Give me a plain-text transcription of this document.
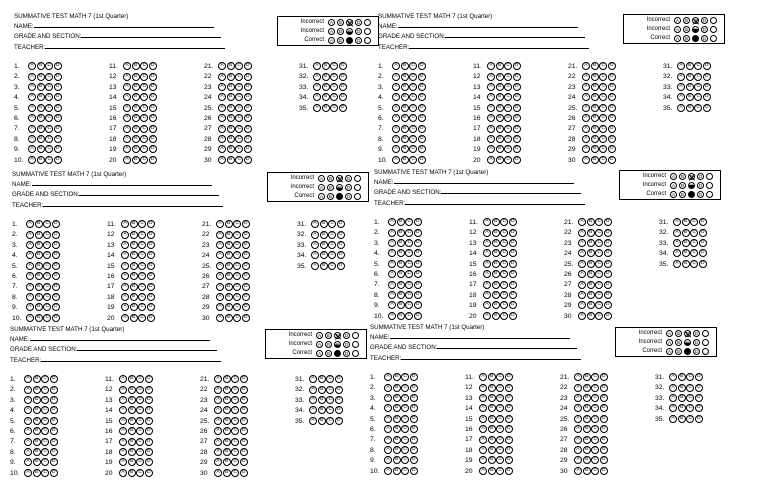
SUMMATIVE TEST MATH 7 (1st Quarter)
NAME:
GRADE AND SECTION:
TEACHER:
Incorrect	A	B	C	D
Incorrect	A	B	C	D
Correct	A	B	C	D
1. A B C D
2. A B C D
3. A B C D
4. A B C D
5. A B C D
6. A B C D
7. A B C D
8. A B C D
9. A B C D
10. A B C D
11. A B C D
12 A B C D
13 A B C D
14 A B C D
15 A B C D
16 A B C D
17 A B C D
18 A B C D
19 A B C D
20 A B C D
21. A B C D
22 A B C D
23 A B C D
24 A B C D
25. A B C D
26 A B C D
27 A B C D
28 A B C D
29 A B C D
30 A B C D
31. A B C D
32. A B C D
33. A B C D
34. A B C D
35. A B C D
SUMMATIVE TEST MATH 7 (1st Quarter)
NAME:
GRADE AND SECTION:
TEACHER:
Incorrect	A	B	C	D
Incorrect	A	B	C	D
Correct	A	B	C	D
1. A B C D
2. A B C D
3. A B C D
4. A B C D
5. A B C D
6. A B C D
7. A B C D
8. A B C D
9. A B C D
10. A B C D
11. A B C D
12 A B C D
13 A B C D
14 A B C D
15 A B C D
16 A B C D
17 A B C D
18 A B C D
19 A B C D
20 A B C D
21. A B C D
22 A B C D
23 A B C D
24 A B C D
25. A B C D
26 A B C D
27 A B C D
28 A B C D
29 A B C D
30 A B C D
31. A B C D
32. A B C D
33. A B C D
34. A B C D
35. A B C D
SUMMATIVE TEST MATH 7 (1st Quarter)
NAME:
GRADE AND SECTION:
TEACHER:
Incorrect	A	B	C	D
Incorrect	A	B	C	D
Correct	A	B	C	D
1. A B C D
2. A B C D
3. A B C D
4. A B C D
5. A B C D
6. A B C D
7. A B C D
8. A B C D
9. A B C D
10. A B C D
11. A B C D
12 A B C D
13 A B C D
14 A B C D
15 A B C D
16 A B C D
17 A B C D
18 A B C D
19 A B C D
20 A B C D
21. A B C D
22 A B C D
23 A B C D
24 A B C D
25. A B C D
26 A B C D
27 A B C D
28 A B C D
29 A B C D
30 A B C D
31. A B C D
32. A B C D
33. A B C D
34. A B C D
35. A B C D
SUMMATIVE TEST MATH 7 (1st Quarter)
NAME:
GRADE AND SECTION:
TEACHER:
Incorrect	A	B	C	D
Incorrect	A	B	C	D
Correct	A	B	C	D
1. A B C D
2. A B C D
3. A B C D
4. A B C D
5. A B C D
6. A B C D
7. A B C D
8. A B C D
9. A B C D
10. A B C D
11. A B C D
12 A B C D
13 A B C D
14 A B C D
15 A B C D
16 A B C D
17 A B C D
18 A B C D
19 A B C D
20 A B C D
21. A B C D
22 A B C D
23 A B C D
24 A B C D
25. A B C D
26 A B C D
27 A B C D
28 A B C D
29 A B C D
30 A B C D
31. A B C D
32. A B C D
33. A B C D
34. A B C D
35. A B C D
SUMMATIVE TEST MATH 7 (1st Quarter)
NAME:
GRADE AND SECTION:
TEACHER:
Incorrect	A	B	C	D
Incorrect	A	B	C	D
Correct	A	B	C	D
1. A B C D
2. A B C D
3. A B C D
4. A B C D
5. A B C D
6. A B C D
7. A B C D
8. A B C D
9. A B C D
10. A B C D
11. A B C D
12 A B C D
13 A B C D
14 A B C D
15 A B C D
16 A B C D
17 A B C D
18 A B C D
19 A B C D
20 A B C D
21. A B C D
22 A B C D
23 A B C D
24 A B C D
25. A B C D
26 A B C D
27 A B C D
28 A B C D
29 A B C D
30 A B C D
31. A B C D
32. A B C D
33. A B C D
34. A B C D
35. A B C D
SUMMATIVE TEST MATH 7 (1st Quarter)
NAME:
GRADE AND SECTION:
TEACHER:
Incorrect	A	B	C	D
Incorrect	A	B	C	D
Correct	A	B	C	D
1. A B C D
2. A B C D
3. A B C D
4. A B C D
5. A B C D
6. A B C D
7. A B C D
8. A B C D
9. A B C D
10. A B C D
11. A B C D
12 A B C D
13 A B C D
14 A B C D
15 A B C D
16 A B C D
17 A B C D
18 A B C D
19 A B C D
20 A B C D
21. A B C D
22 A B C D
23 A B C D
24 A B C D
25. A B C D
26 A B C D
27 A B C D
28 A B C D
29 A B C D
30 A B C D
31. A B C D
32. A B C D
33. A B C D
34. A B C D
35. A B C D
